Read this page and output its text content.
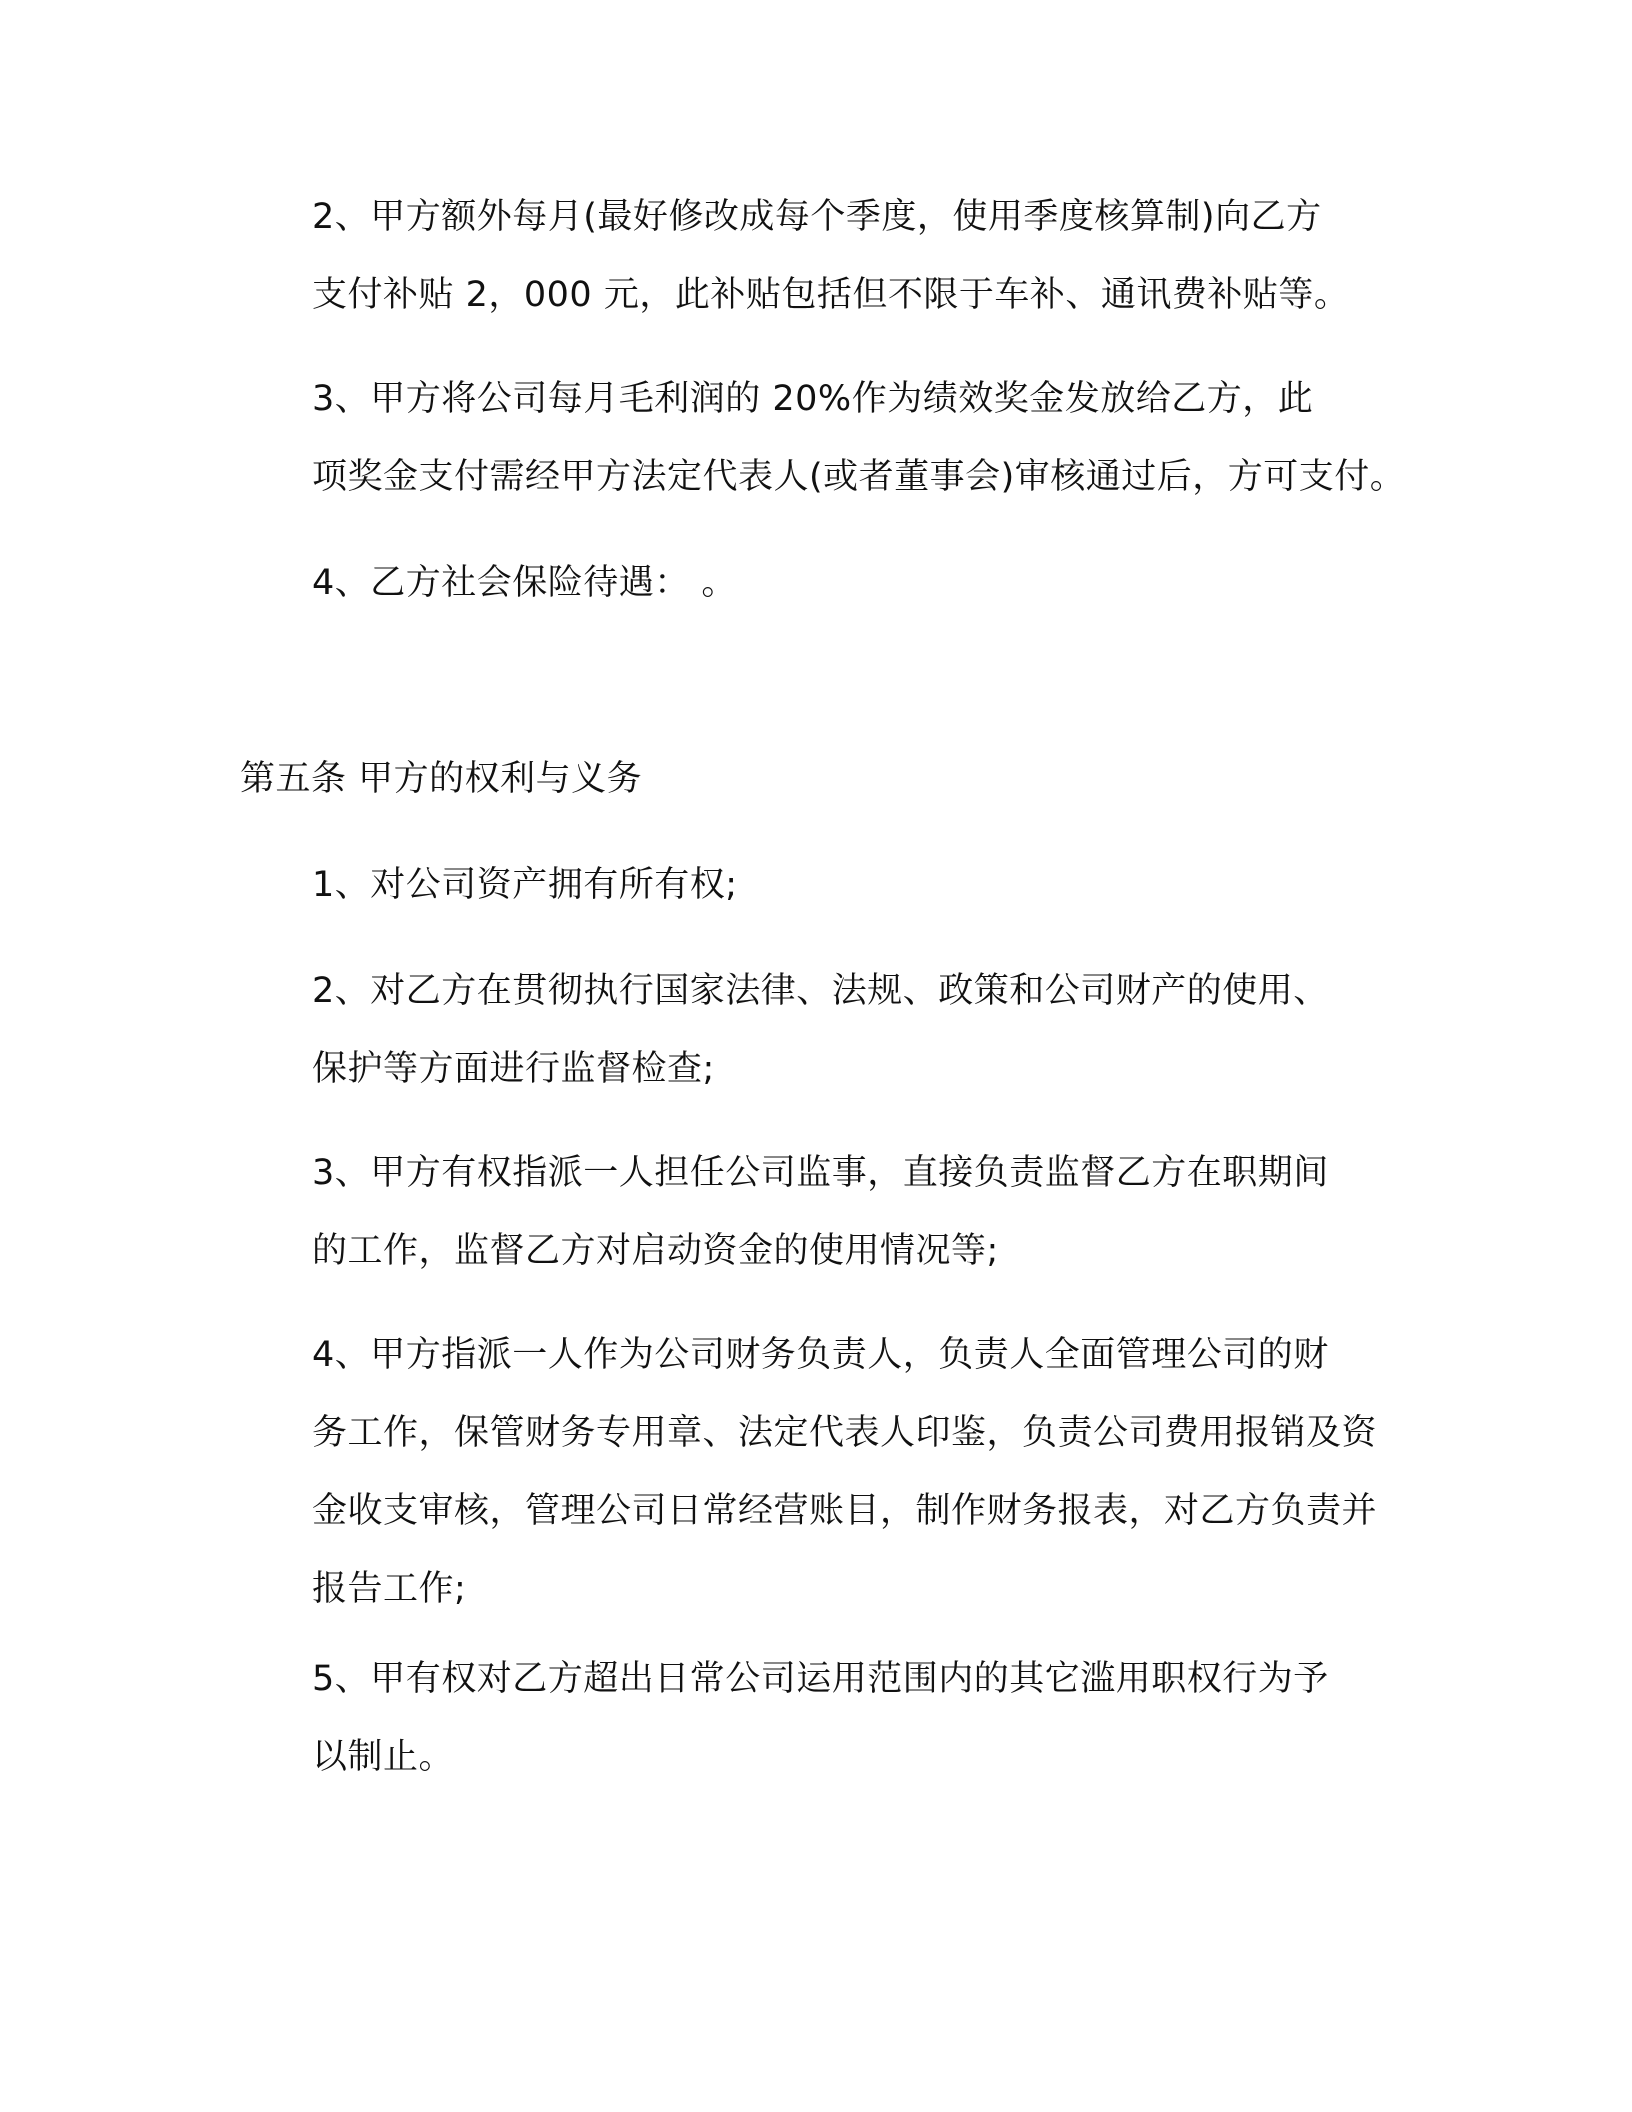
2、甲方额外每月(最好修改成每个季度，使用季度核算制)向乙方
支付补贴 2，000 元，此补贴包括但不限于车补、通讯费补贴等。
3、甲方将公司每月毛利润的 20%作为绩效奖金发放给乙方，此
项奖金支付需经甲方法定代表人(或者董事会)审核通过后，方可支付。
4、乙方社会保险待遇： 。
第五条 甲方的权利与义务
1、对公司资产拥有所有权;
2、对乙方在贯彻执行国家法律、法规、政策和公司财产的使用、
保护等方面进行监督检查;
3、甲方有权指派一人担任公司监事，直接负责监督乙方在职期间
的工作，监督乙方对启动资金的使用情况等;
4、甲方指派一人作为公司财务负责人，负责人全面管理公司的财
务工作，保管财务专用章、法定代表人印鉴，负责公司费用报销及资
金收支审核，管理公司日常经营账目，制作财务报表，对乙方负责并
报告工作;
5、甲有权对乙方超出日常公司运用范围内的其它滥用职权行为予
以制止。
